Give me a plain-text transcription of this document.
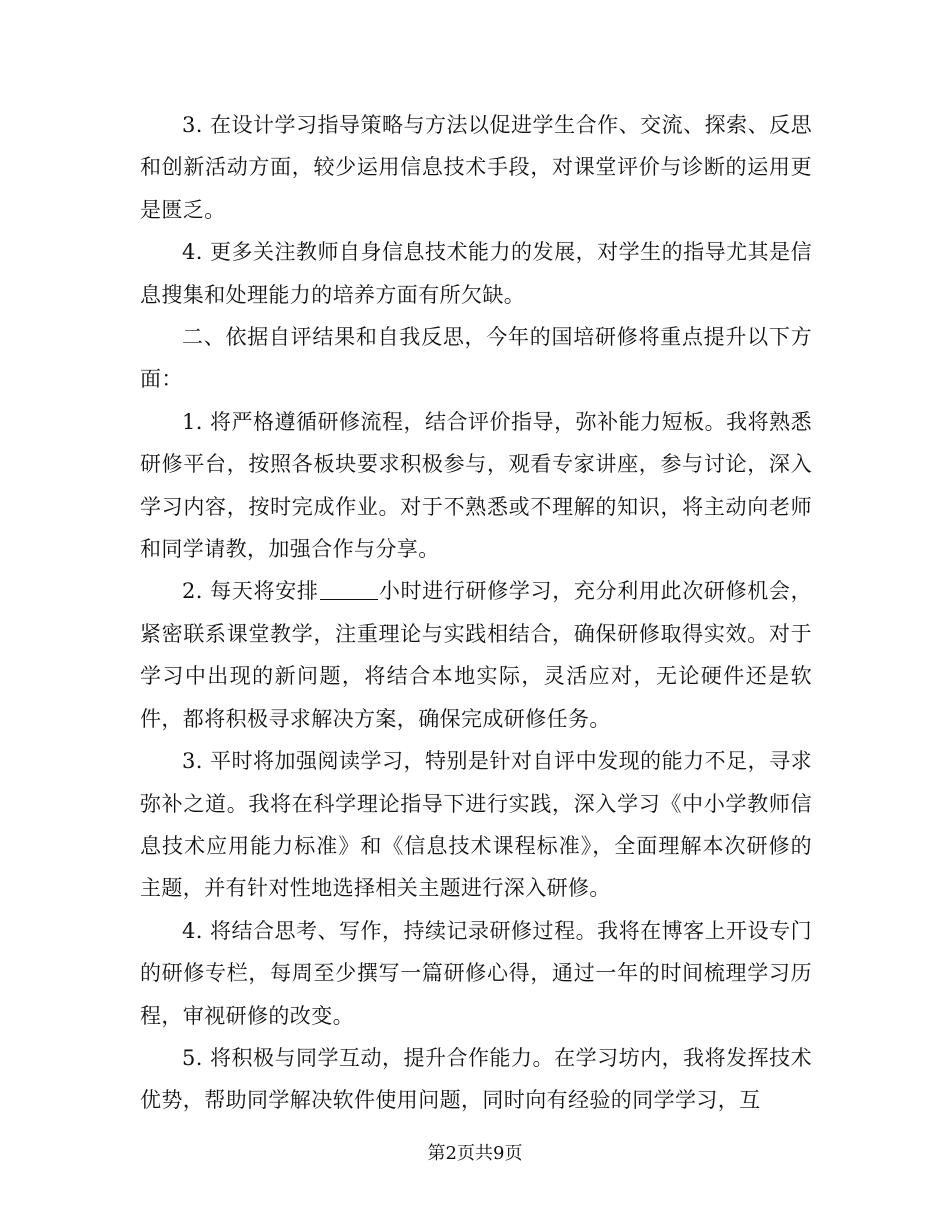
3. 在设计学习指导策略与方法以促进学生合作、交流、探索、反思和创新活动方面，较少运用信息技术手段，对课堂评价与诊断的运用更是匮乏。

4. 更多关注教师自身信息技术能力的发展，对学生的指导尤其是信息搜集和处理能力的培养方面有所欠缺。

二、依据自评结果和自我反思，今年的国培研修将重点提升以下方面：

1. 将严格遵循研修流程，结合评价指导，弥补能力短板。我将熟悉研修平台，按照各板块要求积极参与，观看专家讲座，参与讨论，深入学习内容，按时完成作业。对于不熟悉或不理解的知识，将主动向老师和同学请教，加强合作与分享。

2. 每天将安排	小时进行研修学习，充分利用此次研修机会，紧密联系课堂教学，注重理论与实践相结合，确保研修取得实效。对于学习中出现的新问题，将结合本地实际，灵活应对，无论硬件还是软件，都将积极寻求解决方案，确保完成研修任务。

3. 平时将加强阅读学习，特别是针对自评中发现的能力不足，寻求弥补之道。我将在科学理论指导下进行实践，深入学习《中小学教师信息技术应用能力标准》和《信息技术课程标准》，全面理解本次研修的主题，并有针对性地选择相关主题进行深入研修。

4. 将结合思考、写作，持续记录研修过程。我将在博客上开设专门的研修专栏，每周至少撰写一篇研修心得，通过一年的时间梳理学习历程，审视研修的改变。

5. 将积极与同学互动，提升合作能力。在学习坊内，我将发挥技术优势，帮助同学解决软件使用问题，同时向有经验的同学学习，互

第2页共9页
